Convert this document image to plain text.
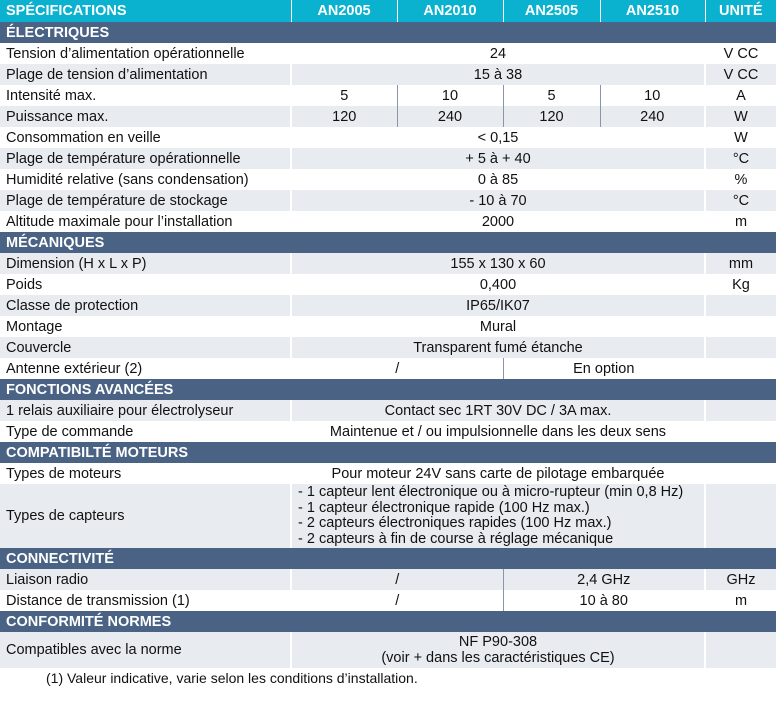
SPÉCIFICATIONS	AN2005	AN2010	AN2505	AN2510	UNITÉ
ÉLECTRIQUES					
Tension d’alimentation opérationnelle	24				V CC
Plage de tension d’alimentation	15 à 38				V CC
Intensité max.	5	10	5	10	A
Puissance max.	120	240	120	240	W
Consommation en veille	< 0,15				W
Plage de température opérationnelle	+ 5 à + 40				°C
Humidité relative (sans condensation)	0 à 85				%
Plage de température de stockage	- 10 à 70				°C
Altitude maximale pour l’installation	2000				m
MÉCANIQUES					
Dimension (H x L x P)	155 x 130 x 60				mm
Poids	0,400				Kg
Classe de protection	IP65/IK07				
Montage	Mural				
Couvercle	Transparent fumé étanche				
Antenne extérieur (2)	/		En option		
FONCTIONS AVANCÉES					
1 relais auxiliaire pour électrolyseur	Contact sec 1RT 30V DC / 3A max.				
Type de commande	Maintenue et / ou impulsionnelle dans les deux sens				
COMPATIBILTÉ MOTEURS					
Types de moteurs	Pour moteur 24V sans carte de pilotage embarquée				
Types de capteurs	- 1 capteur lent électronique ou à micro-rupteur (min 0,8 Hz)
- 1 capteur électronique rapide (100 Hz max.)
- 2 capteurs électroniques rapides (100 Hz max.)
- 2 capteurs à fin de course à réglage mécanique				

CONNECTIVITÉ					
Liaison radio	/		2,4 GHz		GHz
Distance de transmission (1)	/		10 à 80		m
CONFORMITÉ NORMES					
Compatibles avec la norme	NF P90-308
(voir + dans les caractéristiques CE)				

(1) Valeur indicative, varie selon les conditions d’installation.
